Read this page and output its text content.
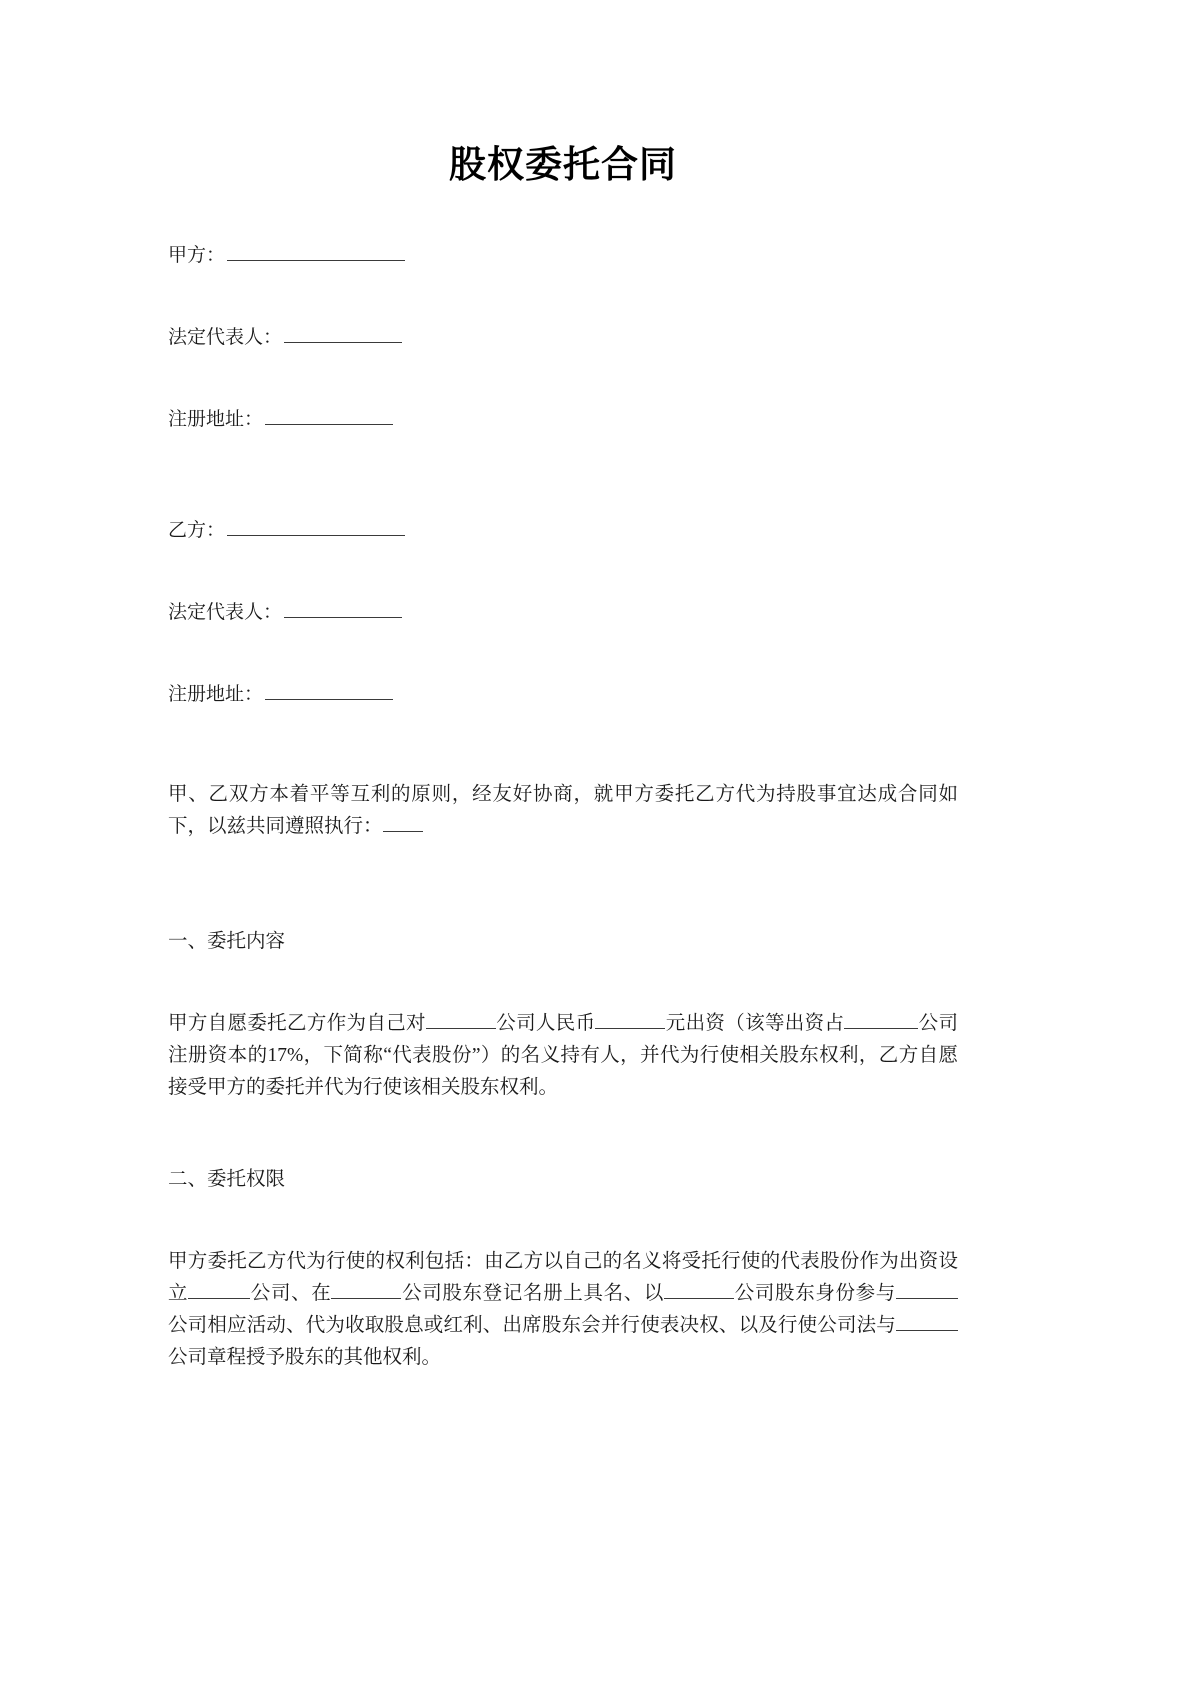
股权委托合同
甲方：
法定代表人：
注册地址：
乙方：
法定代表人：
注册地址：

甲、乙双方本着平等互利的原则，经友好协商，就甲方委托乙方代为持股事宜达成合同如下，以兹共同遵照执行：

一、委托内容

甲方自愿委托乙方作为自己对	公司人民币	元出资（该等出资占	公司注册资本的17%，下简称“代表股份”）的名义持有人，并代为行使相关股东权利，乙方自愿接受甲方的委托并代为行使该相关股东权利。

二、委托权限

甲方委托乙方代为行使的权利包括：由乙方以自己的名义将受托行使的代表股份作为出资设立	公司、在	公司股东登记名册上具名、以	公司股东身份参与公司相应活动、代为收取股息或红利、出席股东会并行使表决权、以及行使公司法与公司章程授予股东的其他权利。
